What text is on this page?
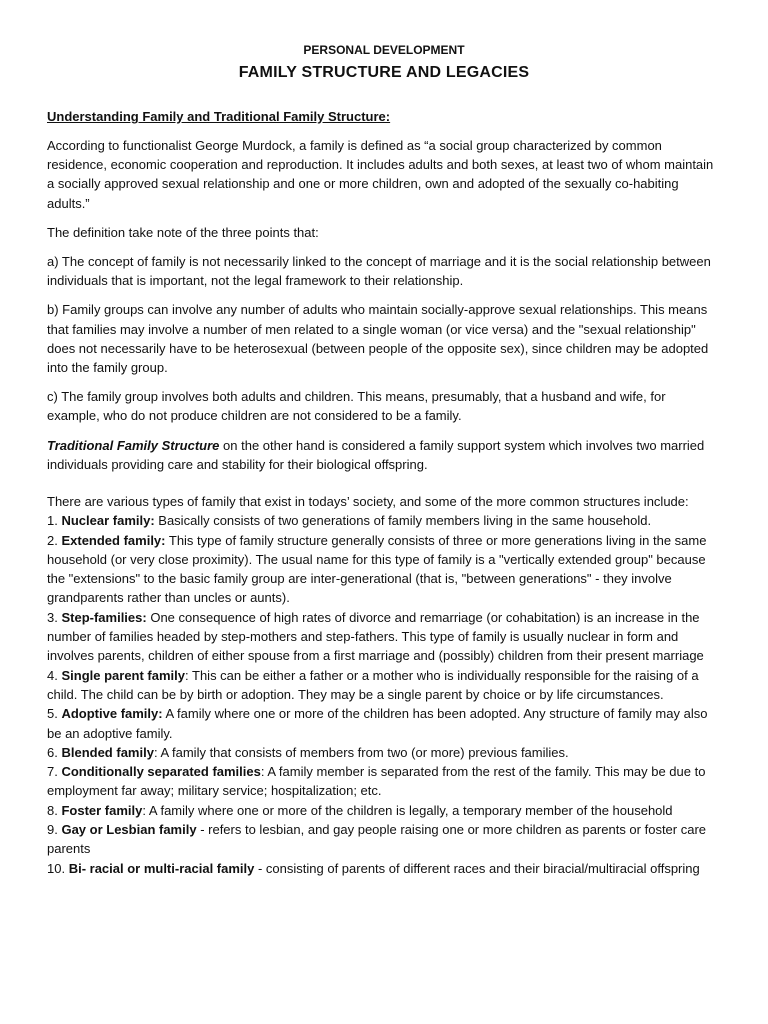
PERSONAL DEVELOPMENT
FAMILY STRUCTURE AND LEGACIES
Understanding Family and Traditional Family Structure:

According to functionalist George Murdock, a family is defined as “a social group characterized by common residence, economic cooperation and reproduction. It includes adults and both sexes, at least two of whom maintain a socially approved sexual relationship and one or more children, own and adopted of the sexually co-habiting adults.”

The definition take note of the three points that:

a) The concept of family is not necessarily linked to the concept of marriage and it is the social relationship between individuals that is important, not the legal framework to their relationship.

b) Family groups can involve any number of adults who maintain socially-approve sexual relationships. This means that families may involve a number of men related to a single woman (or vice versa) and the "sexual relationship" does not necessarily have to be heterosexual (between people of the opposite sex), since children may be adopted into the family group.

c) The family group involves both adults and children. This means, presumably, that a husband and wife, for example, who do not produce children are not considered to be a family.

Traditional Family Structure on the other hand is considered a family support system which involves two married individuals providing care and stability for their biological offspring.

There are various types of family that exist in todays’ society, and some of the more common structures include:

1. Nuclear family: Basically consists of two generations of family members living in the same household.
2. Extended family: This type of family structure generally consists of three or more generations living in the same household (or very close proximity). The usual name for this type of family is a "vertically extended group" because the "extensions" to the basic family group are inter-generational (that is, "between generations" - they involve grandparents rather than uncles or aunts).
3. Step-families: One consequence of high rates of divorce and remarriage (or cohabitation) is an increase in the number of families headed by step-mothers and step-fathers. This type of family is usually nuclear in form and involves parents, children of either spouse from a first marriage and (possibly) children from their present marriage
4. Single parent family: This can be either a father or a mother who is individually responsible for the raising of a child. The child can be by birth or adoption. They may be a single parent by choice or by life circumstances.
5. Adoptive family: A family where one or more of the children has been adopted. Any structure of family may also be an adoptive family.
6. Blended family: A family that consists of members from two (or more) previous families.
7. Conditionally separated families: A family member is separated from the rest of the family. This may be due to employment far away; military service; hospitalization; etc.
8. Foster family: A family where one or more of the children is legally, a temporary member of the household
9. Gay or Lesbian family - refers to lesbian, and gay people raising one or more children as parents or foster care parents
10. Bi- racial or multi-racial family - consisting of parents of different races and their biracial/multiracial offspring
